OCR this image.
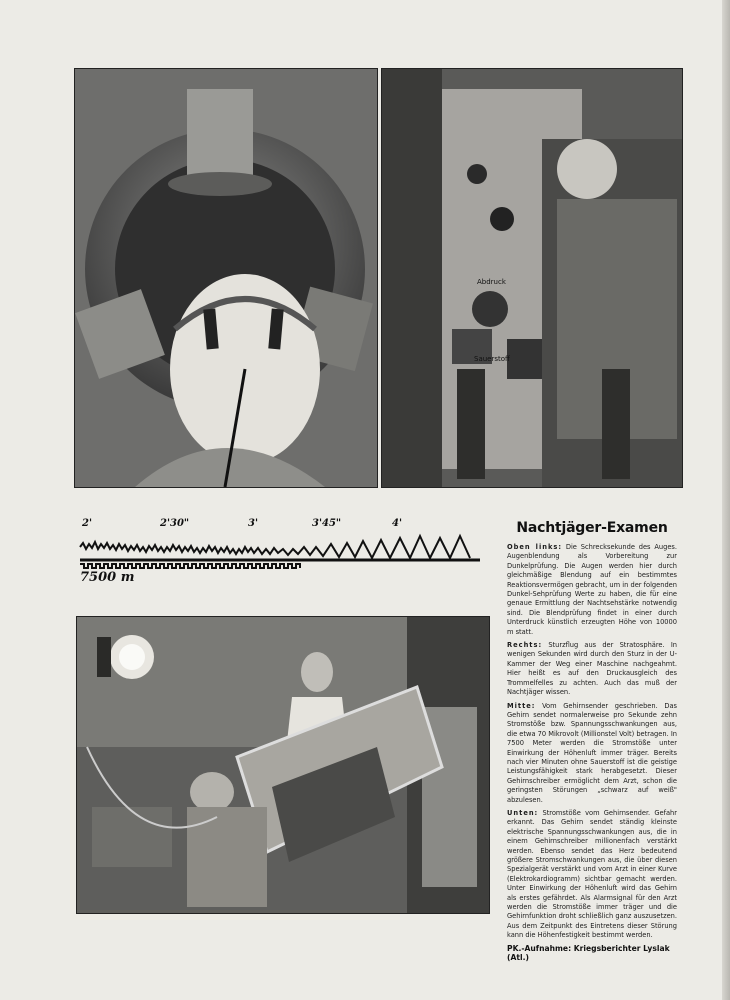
Abdruck
Sauerstoff
2'	2'30"	3'	3'45"	4'
7500 m
Nachtjäger-Examen

Oben links: Die Schrecksekunde des Auges. Augenblendung als Vorbereitung zur Dunkelprüfung. Die Augen werden hier durch gleichmäßige Blendung auf ein bestimmtes Reaktionsvermögen gebracht, um in der folgenden Dunkel-Sehprüfung Werte zu haben, die für eine genaue Ermittlung der Nachtsehstärke notwendig sind. Die Blendprüfung findet in einer durch Unterdruck künstlich erzeugten Höhe von 10000 m statt.

Rechts: Sturzflug aus der Stratosphäre. In wenigen Sekunden wird durch den Sturz in der U-Kammer der Weg einer Maschine nachgeahmt. Hier heißt es auf den Druckausgleich des Trommelfelles zu achten. Auch das muß der Nachtjäger wissen.

Mitte: Vom Gehirnsender geschrieben. Das Gehirn sendet normalerweise pro Sekunde zehn Stromstöße bzw. Spannungsschwankungen aus, die etwa 70 Mikrovolt (Millionstel Volt) betragen. In 7500 Meter werden die Stromstöße unter Einwirkung der Höhenluft immer träger. Bereits nach vier Minuten ohne Sauerstoff ist die geistige Leistungsfähigkeit stark herabgesetzt. Dieser Gehirnschreiber ermöglicht dem Arzt, schon die geringsten Störungen „schwarz auf weiß" abzulesen.

Unten: Stromstöße vom Gehirnsender. Gefahr erkannt. Das Gehirn sendet ständig kleinste elektrische Spannungsschwankungen aus, die in einem Gehirnschreiber millionenfach verstärkt werden. Ebenso sendet das Herz bedeutend größere Stromschwankungen aus, die über diesen Spezialgerät verstärkt und vom Arzt in einer Kurve (Elektrokardiogramm) sichtbar gemacht werden. Unter Einwirkung der Höhenluft wird das Gehirn als erstes gefährdet. Als Alarmsignal für den Arzt werden die Stromstöße immer träger und die Gehirnfunktion droht schließlich ganz auszusetzen. Aus dem Zeitpunkt des Eintretens dieser Störung kann die Höhenfestigkeit bestimmt werden.

PK.-Aufnahme: Kriegsberichter Lyslak (Atl.)
